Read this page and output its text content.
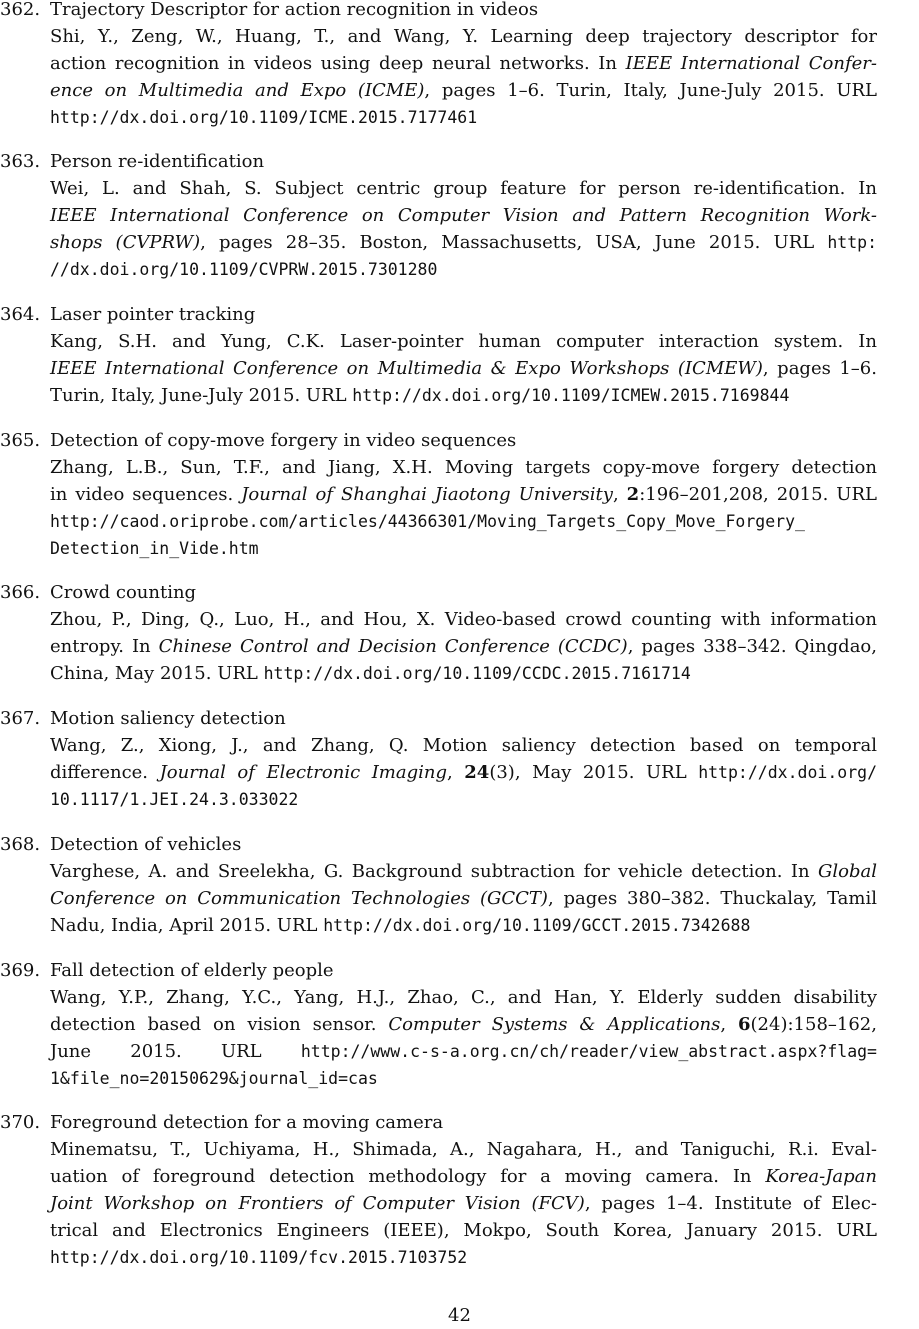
362. Trajectory Descriptor for action recognition in videos
Shi, Y., Zeng, W., Huang, T., and Wang, Y. Learning deep trajectory descriptor for
action recognition in videos using deep neural networks. In IEEE International Confer-
ence on Multimedia and Expo (ICME), pages 1–6. Turin, Italy, June-July 2015. URL
http://dx.doi.org/10.1109/ICME.2015.7177461
363. Person re-identification
Wei, L. and Shah, S. Subject centric group feature for person re-identification. In
IEEE International Conference on Computer Vision and Pattern Recognition Work-
shops (CVPRW), pages 28–35. Boston, Massachusetts, USA, June 2015. URL http:
//dx.doi.org/10.1109/CVPRW.2015.7301280
364. Laser pointer tracking
Kang, S.H. and Yung, C.K. Laser-pointer human computer interaction system. In
IEEE International Conference on Multimedia & Expo Workshops (ICMEW), pages 1–6.
Turin, Italy, June-July 2015. URL http://dx.doi.org/10.1109/ICMEW.2015.7169844
365. Detection of copy-move forgery in video sequences
Zhang, L.B., Sun, T.F., and Jiang, X.H. Moving targets copy-move forgery detection
in video sequences. Journal of Shanghai Jiaotong University, 2:196–201,208, 2015. URL
http://caod.oriprobe.com/articles/44366301/Moving_Targets_Copy_Move_Forgery_
Detection_in_Vide.htm
366. Crowd counting
Zhou, P., Ding, Q., Luo, H., and Hou, X. Video-based crowd counting with information
entropy. In Chinese Control and Decision Conference (CCDC), pages 338–342. Qingdao,
China, May 2015. URL http://dx.doi.org/10.1109/CCDC.2015.7161714
367. Motion saliency detection
Wang, Z., Xiong, J., and Zhang, Q. Motion saliency detection based on temporal
difference. Journal of Electronic Imaging, 24(3), May 2015. URL http://dx.doi.org/
10.1117/1.JEI.24.3.033022
368. Detection of vehicles
Varghese, A. and Sreelekha, G. Background subtraction for vehicle detection. In Global
Conference on Communication Technologies (GCCT), pages 380–382. Thuckalay, Tamil
Nadu, India, April 2015. URL http://dx.doi.org/10.1109/GCCT.2015.7342688
369. Fall detection of elderly people
Wang, Y.P., Zhang, Y.C., Yang, H.J., Zhao, C., and Han, Y. Elderly sudden disability
detection based on vision sensor. Computer Systems & Applications, 6(24):158–162,
June 2015. URL http://www.c-s-a.org.cn/ch/reader/view_abstract.aspx?flag=
1&file_no=20150629&journal_id=cas
370. Foreground detection for a moving camera
Minematsu, T., Uchiyama, H., Shimada, A., Nagahara, H., and Taniguchi, R.i. Eval-
uation of foreground detection methodology for a moving camera. In Korea-Japan
Joint Workshop on Frontiers of Computer Vision (FCV), pages 1–4. Institute of Elec-
trical and Electronics Engineers (IEEE), Mokpo, South Korea, January 2015. URL
http://dx.doi.org/10.1109/fcv.2015.7103752
42
